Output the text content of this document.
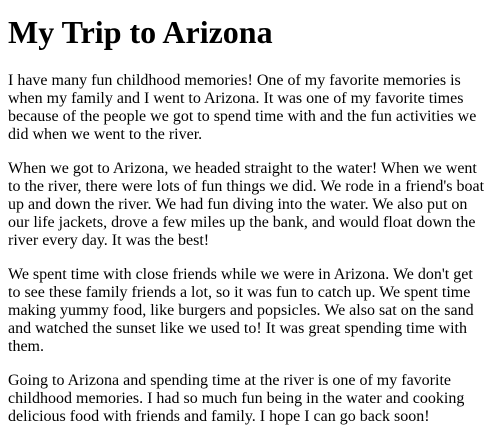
My Trip to Arizona

I have many fun childhood memories! One of my favorite memories is when my family and I went to Arizona. It was one of my favorite times because of the people we got to spend time with and the fun activities we did when we went to the river.

When we got to Arizona, we headed straight to the water! When we went to the river, there were lots of fun things we did. We rode in a friend's boat up and down the river. We had fun diving into the water. We also put on our life jackets, drove a few miles up the bank, and would float down the river every day. It was the best!

We spent time with close friends while we were in Arizona. We don't get to see these family friends a lot, so it was fun to catch up. We spent time making yummy food, like burgers and popsicles. We also sat on the sand and watched the sunset like we used to! It was great spending time with them.

Going to Arizona and spending time at the river is one of my favorite childhood memories. I had so much fun being in the water and cooking delicious food with friends and family. I hope I can go back soon!
